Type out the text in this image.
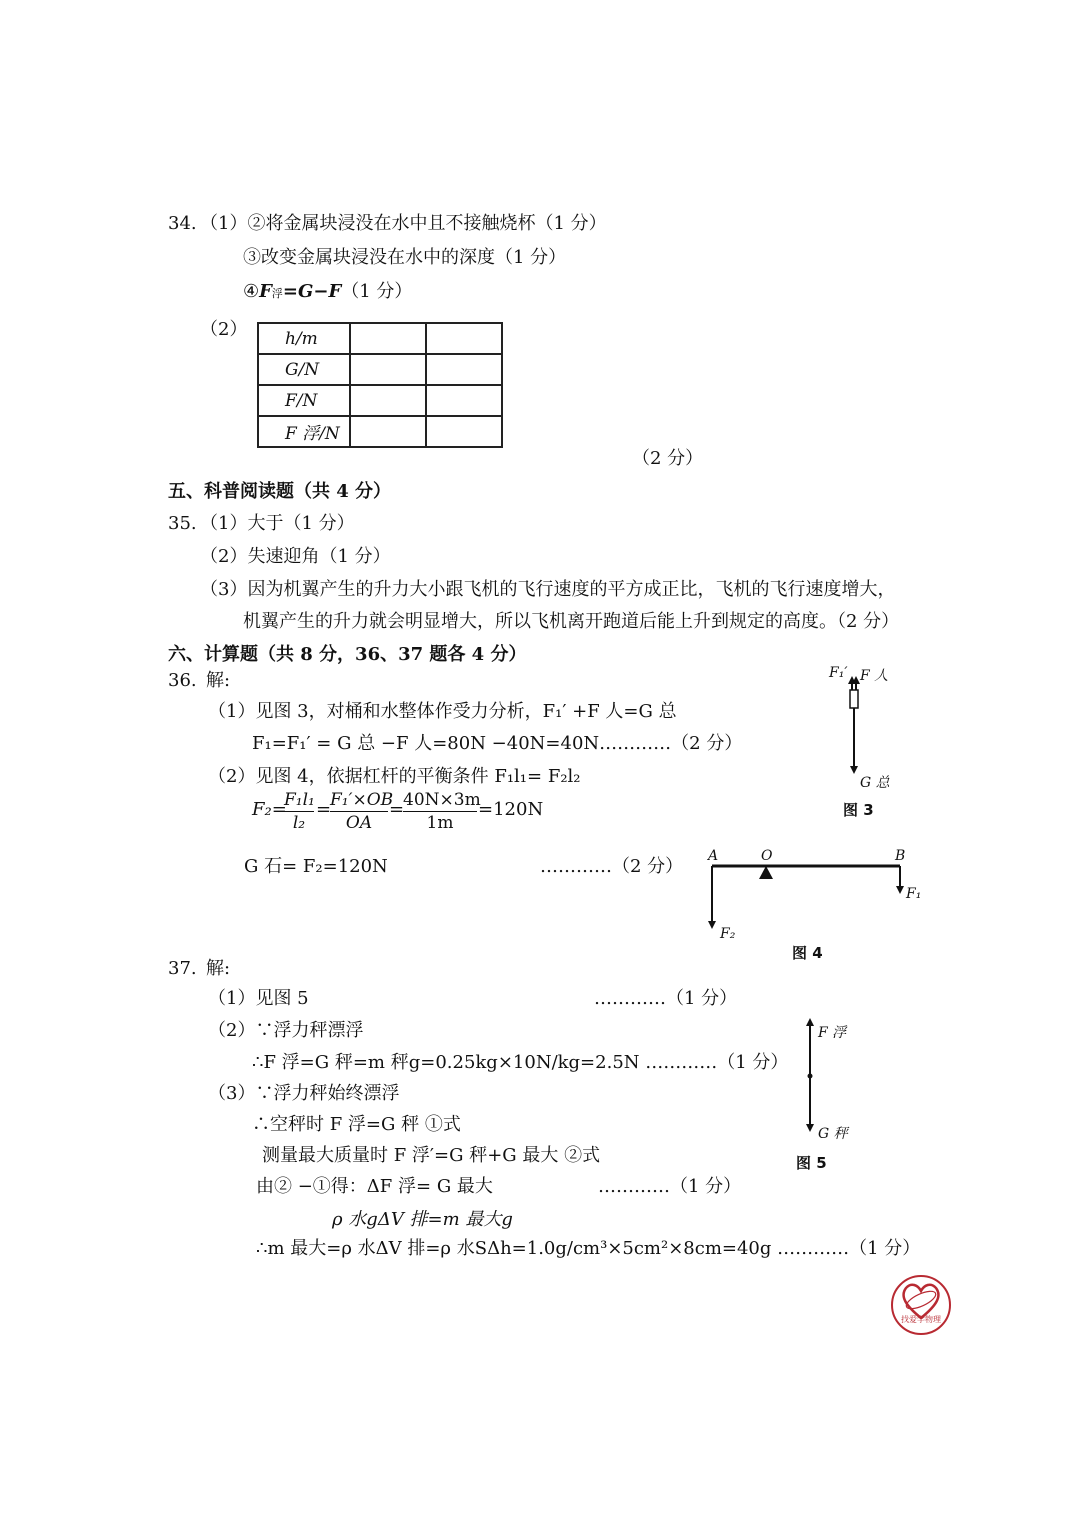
34. （1）②将金属块浸没在水中且不接触烧杯（1 分）
③改变金属块浸没在水中的深度（1 分）
④F浮=G−F（1 分）
（2） h/m		
G/N		
F/N		
F 浮/N		
（2 分）
五、科普阅读题（共 4 分）
35. （1）大于（1 分）
（2）失速迎角（1 分）
（3）因为机翼产生的升力大小跟飞机的飞行速度的平方成正比，飞机的飞行速度增大，
机翼产生的升力就会明显增大，所以飞机离开跑道后能上升到规定的高度。（2 分）
六、计算题（共 8 分，36、37 题各 4 分）
36. 解:
（1）见图 3，对桶和水整体作受力分析，F₁′ +F 人=G 总
F₁=F₁′ = G 总 −F 人=80N −40N=40N…………（2 分）
（2）见图 4，依据杠杆的平衡条件 F₁l₁= F₂l₂
F₂=
F₁l₁
l₂
=
F₁′×OB
OA
=
40N×3m
1m
=120N
G 石= F₂=120N	…………（2 分）
37. 解:
（1）见图 5	…………（1 分）
（2）∵浮力秤漂浮
∴F 浮=G 秤=m 秤g=0.25kg×10N/kg=2.5N …………（1 分）
（3）∵浮力秤始终漂浮
∴空秤时 F 浮=G 秤 ①式
测量最大质量时 F 浮′=G 秤+G 最大 ②式
由② −①得：ΔF 浮= G 最大	…………（1 分）
ρ 水gΔV 排=m 最大g
∴m 最大=ρ 水ΔV 排=ρ 水SΔh=1.0g/cm³×5cm²×8cm=40g …………（1 分）
F₁′ F 人
G 总
图 3
A	O	B
F₁
F₂
图 4
F 浮
G 秤
图 5
找爱学物理
